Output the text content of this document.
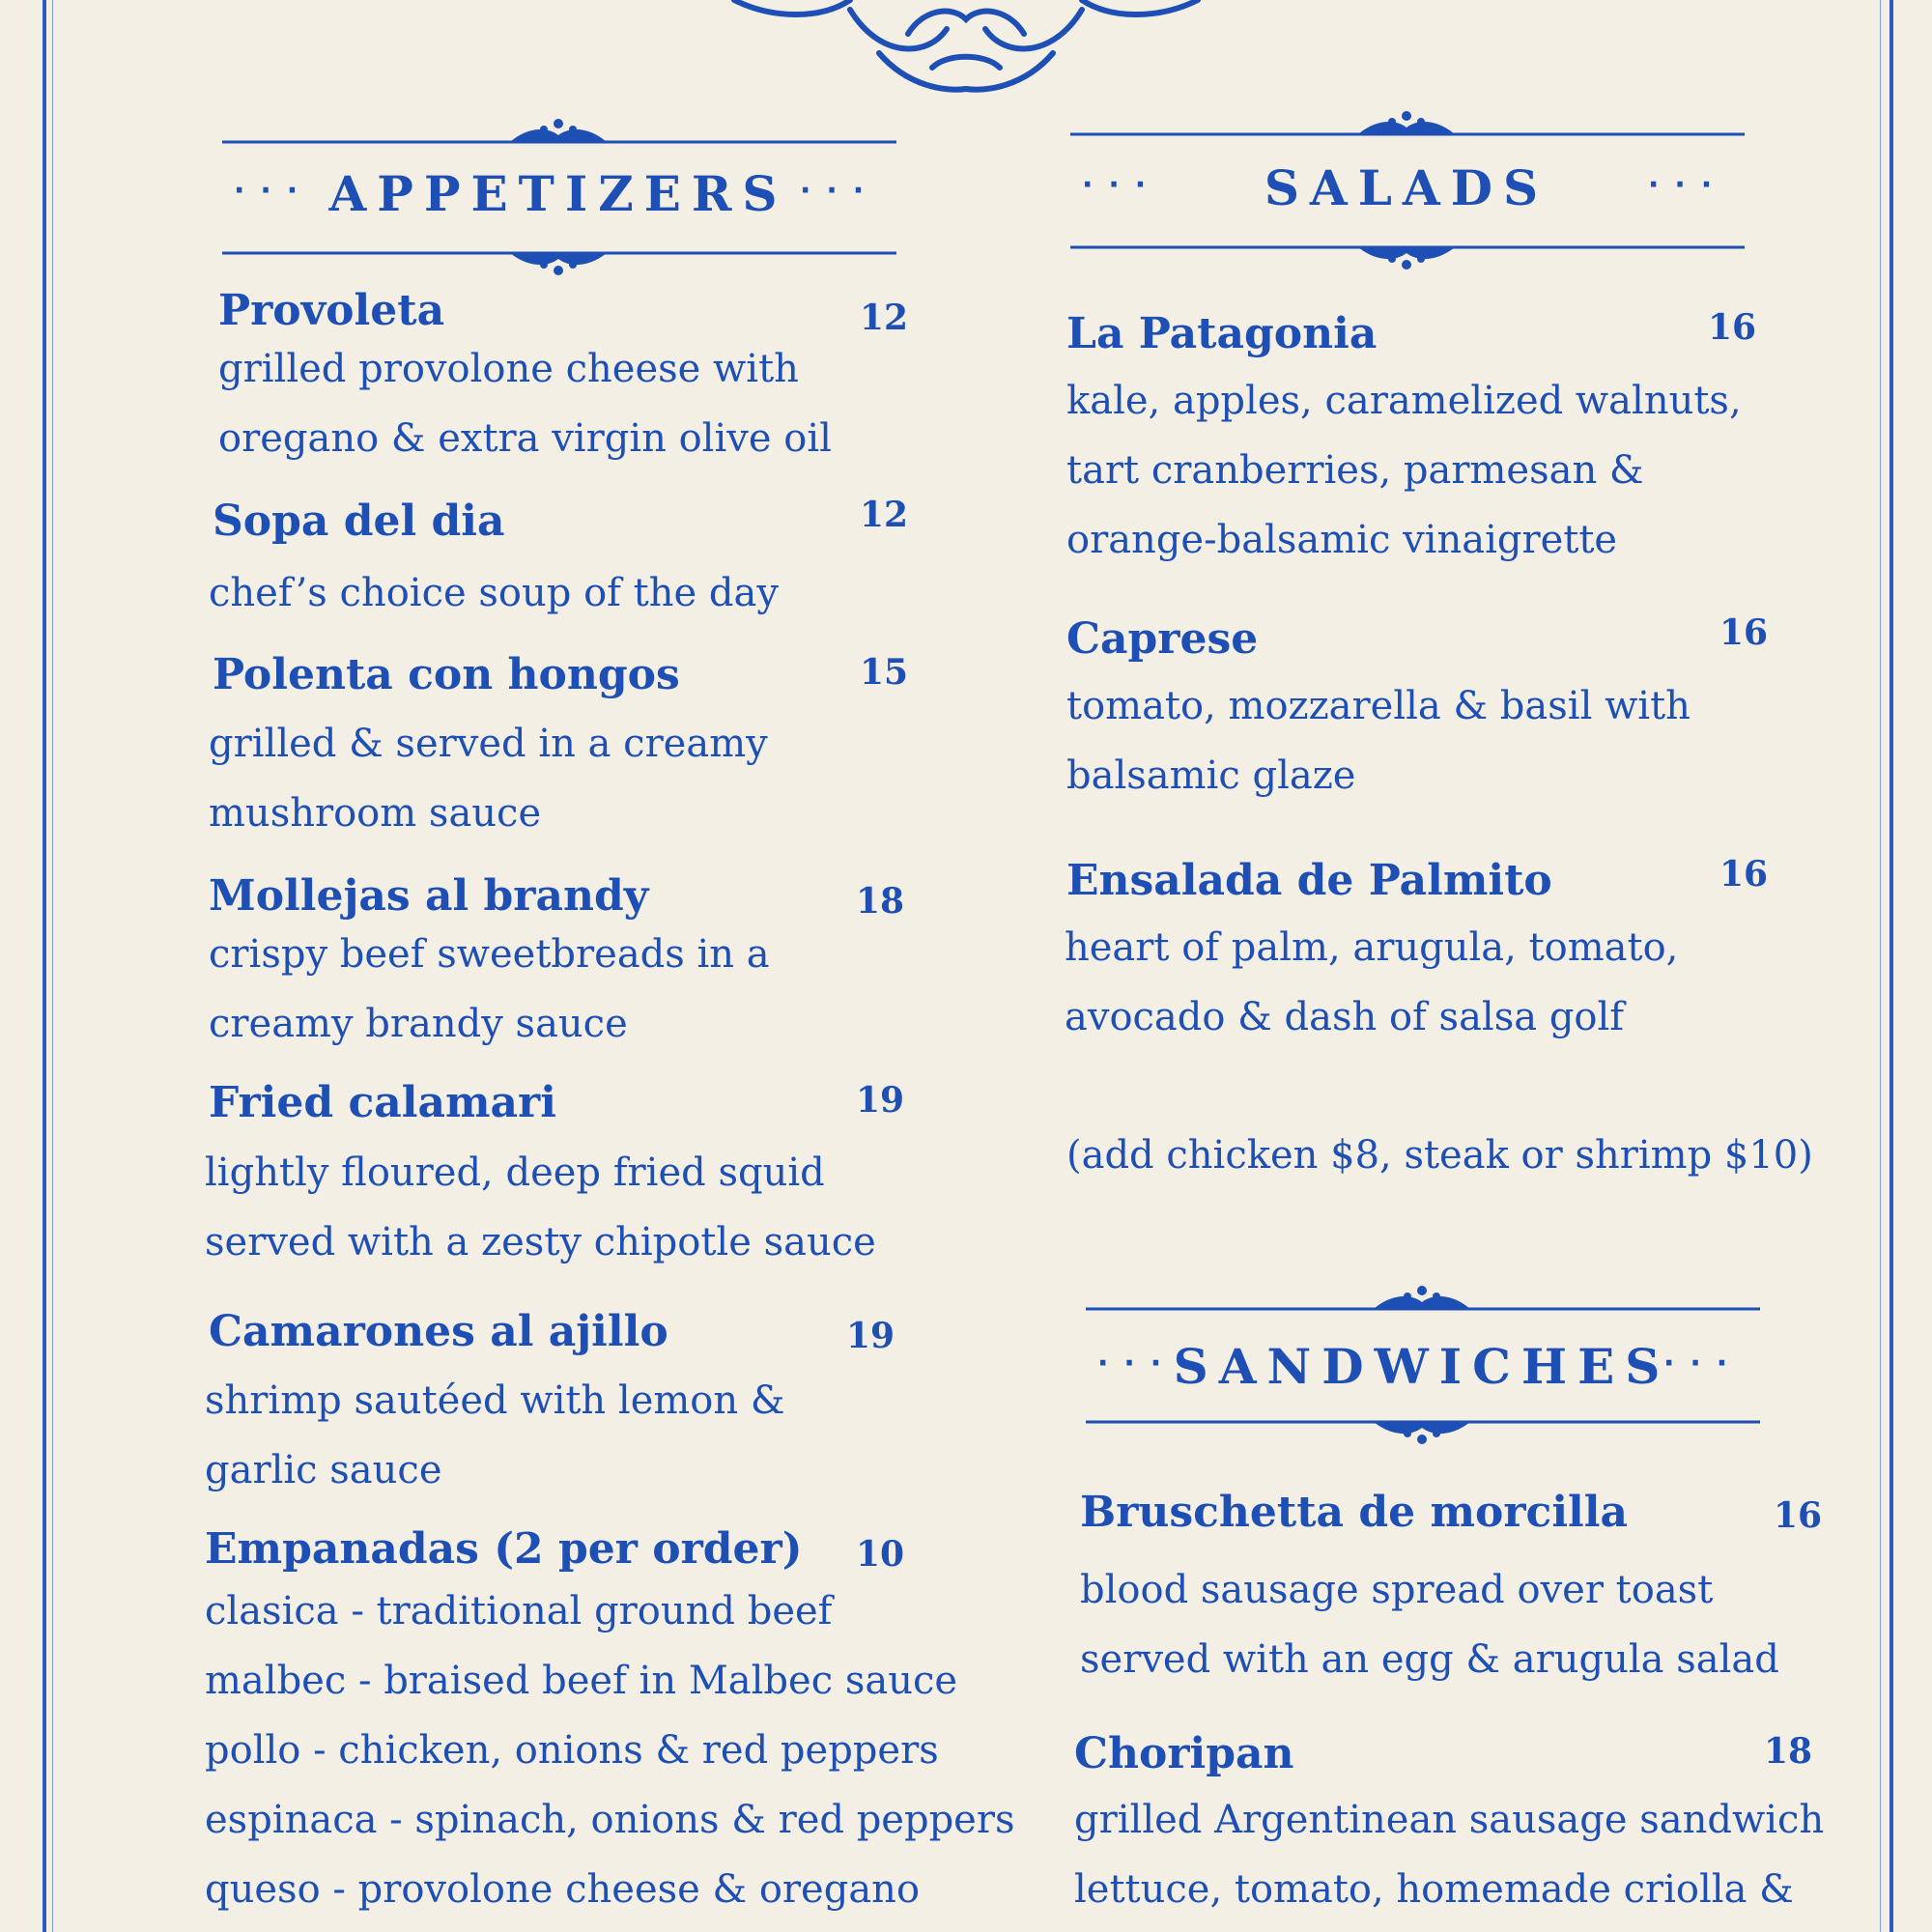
··· APPETIZERS ···	···	SALADS	···
···
SANDWICHES
···
Provoleta	12
grilled provolone cheese with
oregano & extra virgin olive oil
Sopa del dia	12
chef’s choice soup of the day
Polenta con hongos	15
grilled & served in a creamy
mushroom sauce
Mollejas al brandy	18
crispy beef sweetbreads in a
creamy brandy sauce
Fried calamari	19
lightly floured, deep fried squid
served with a zesty chipotle sauce
Camarones al ajillo	19
shrimp sautéed with lemon &
garlic sauce
Empanadas (2 per order) 10
clasica - traditional ground beef
malbec - braised beef in Malbec sauce
pollo - chicken, onions & red peppers
espinaca - spinach, onions & red peppers
queso - provolone cheese & oregano
La Patagonia	16
kale, apples, caramelized walnuts,
tart cranberries, parmesan &
orange-balsamic vinaigrette
Caprese	16
tomato, mozzarella & basil with
balsamic glaze
Ensalada de Palmito	16
heart of palm, arugula, tomato,
avocado & dash of salsa golf
(add chicken $8, steak or shrimp $10)
Bruschetta de morcilla	16
blood sausage spread over toast
served with an egg & arugula salad
Choripan	18
grilled Argentinean sausage sandwich
lettuce, tomato, homemade criolla &
